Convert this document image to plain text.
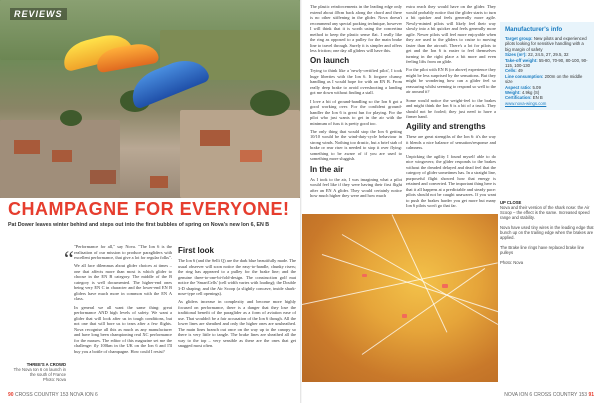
REVIEWS
CHAMPAGNE FOR EVERYONE!
Pat Dower leaves winter behind and steps out into the first bubbles of spring on Nova's new Ion 6, EN B
THREE'S A CROWD
The Nova Ion 6 on launch in the south of France
Photo: Nova
“ "Performance for all," say Nova. "The Ion 6 is the realisation of our mission to produce paragliders with excellent performance, that give a lot for regular folks".

We all face dilemmas about glider choices at times – one that affects more than most is which glider to choose in the EN B category. The middle of the B category is well documented. The higher-end ones being very EN C in character and the lower-end EN B gliders have much more in common with the EN A class.

In general we all want the same thing: great performance AND high levels of safety. We want a glider that will look after us in tough conditions, but not one that will bore us to tears after a few flights. Nova recognise all this as much as any manufacturer and have long been championing real XC performance for the masses. The editor of this magazine set me the challenge: fly 100km in the UK on the Ion 6 and I'll buy you a bottle of champagne. How could I resist?

First look

The Ion 6 (and the Selli Q) are the dark blue beautifully made. The usual observer will soon notice the easy-to-handle, chunky risers; the ring has appeared to a pulley for the brake line; and the genuine three-to-one-bi-fold-design. The construction golf mat notice the 'SmartCells' (cell width varies with loading); the Double 3-D shaping; and the Air Scoop (a slightly concave, inside shark-nose-type cell openings).

As gliders increase in complexity and become more highly focused on performance, there is a danger that they lose the traditional benefit of the paraglider as a form of aviation ease of use. That wouldn't be a fair accusation of the Ion 6 though. All the lower lines are sheathed and only the higher ones are unsheathed. The main lines branch out once on the way up to the canopy so there is very little to tangle. The brake lines are sheathed all the way to the top – very sensible as these are the ones that get snagged most often.

The plastic reinforcements in the leading edge only extend about 40cm back along the chord and there is no other stiffening in the glider. Nova doesn't recommend any special packing technique, however I will think that it is worth using the concertina method to keep the plastic sense flat. I really like the ring as opposed to a pulley for the main brake line to travel through. Surely it is simpler and offers less friction; one day all gliders will have this.

On launch

Trying to think like a 'newly-certified pilot', I took huge liberties with the Ion 6. It forgave clumsy handling as I would hope for with an EN B. From really deep brake to avoid overshooting a landing got me down without finding a stall.

I love a bit of ground-handling so the Ion 6 got a good working over. For the confident ground-handler the Ion 6 is great fun for playing. For the pilot who just wants to get in the air with the minimum of fuss it is pretty good too.

The only thing that would stop the Ion 6 getting 10/10 would be the wind-duty-cycle behaviour in strong winds. Nothing too drastic, but a brief stab of brake or rear riser is needed to stop it over flying: something to be aware of if you are used to something more sluggish.

In the air

As I took to the air, I was imagining what a pilot would feel like if they were having their first flight after an EN A glider. They would certainly notice how much higher they were and how much

extra reach they would have on the glider. They would probably notice that the glider starts to turn a bit quicker and feels generally more agile. Newly-minted pilots will likely feel their way slowly into a bit quicker and feels generally more agile. Newer pilots will feel more enjoyable when they are used to the gliders to cruise to moving faster than the aircraft. There's a lot for pilots to get and the Ion 6 is easier to feel themselves turning in the right place a bit more and even feeling lifts from on glide.

For the pilot with EN B (or above) experience they might be less surprised by the sensations. But they might be wondering how can a glider feel so reassuring whilst seeming to respond so well to the air around it?

Some would notice the weight-feel to the brakes and might think the Ion 6 is a bit of a truck. They should not be fooled; they just need to have a firmer hand.

Agility and strengths

These are great strengths of the Ion 6: it's the way it blends a nice balance of sensation/response and calmness.

Unpicking the agility I found myself able to do nice wingovers; the glider responds to the brakes without the dreaded delayed and dead feel that the category of glider sometimes has. In a straight line, purposeful flight showed how that energy is retained and converted. The important thing here is that it all happens at a predictable and steady pace: pilots should not be caught unawares. If you want to push the brakes harder you get more but many Ion 6 pilots won't go that far.

Manufacturer's info
Target group: New pilots and experienced pilots looking for sensitive handling with a big margin of safety
Sizes (m²): 22, 24.5, 27, 29.5, 32
Take-off weight: 55-80, 70-90, 80-100, 90-115, 100-130
Cells: 49
Line consumption: 200m on the middle size
Aspect ratio: 5.09
Weight: 4.9kg (S)
Certification: EN B
www.nova-wings.com
UP CLOSE
Nova and their version of the shark nose: the Air Scoop – the effect is the same. Increased speed range and stability.

Nova have used tiny wires in the leading edge that bunch up on the trailing edge when the brakes are applied.

The Brake line rings have replaced brake line pulleys

Photo: Nova
90 CROSS COUNTRY 153 NOVA ION 6	NOVA ION 6 CROSS COUNTRY 153 91
